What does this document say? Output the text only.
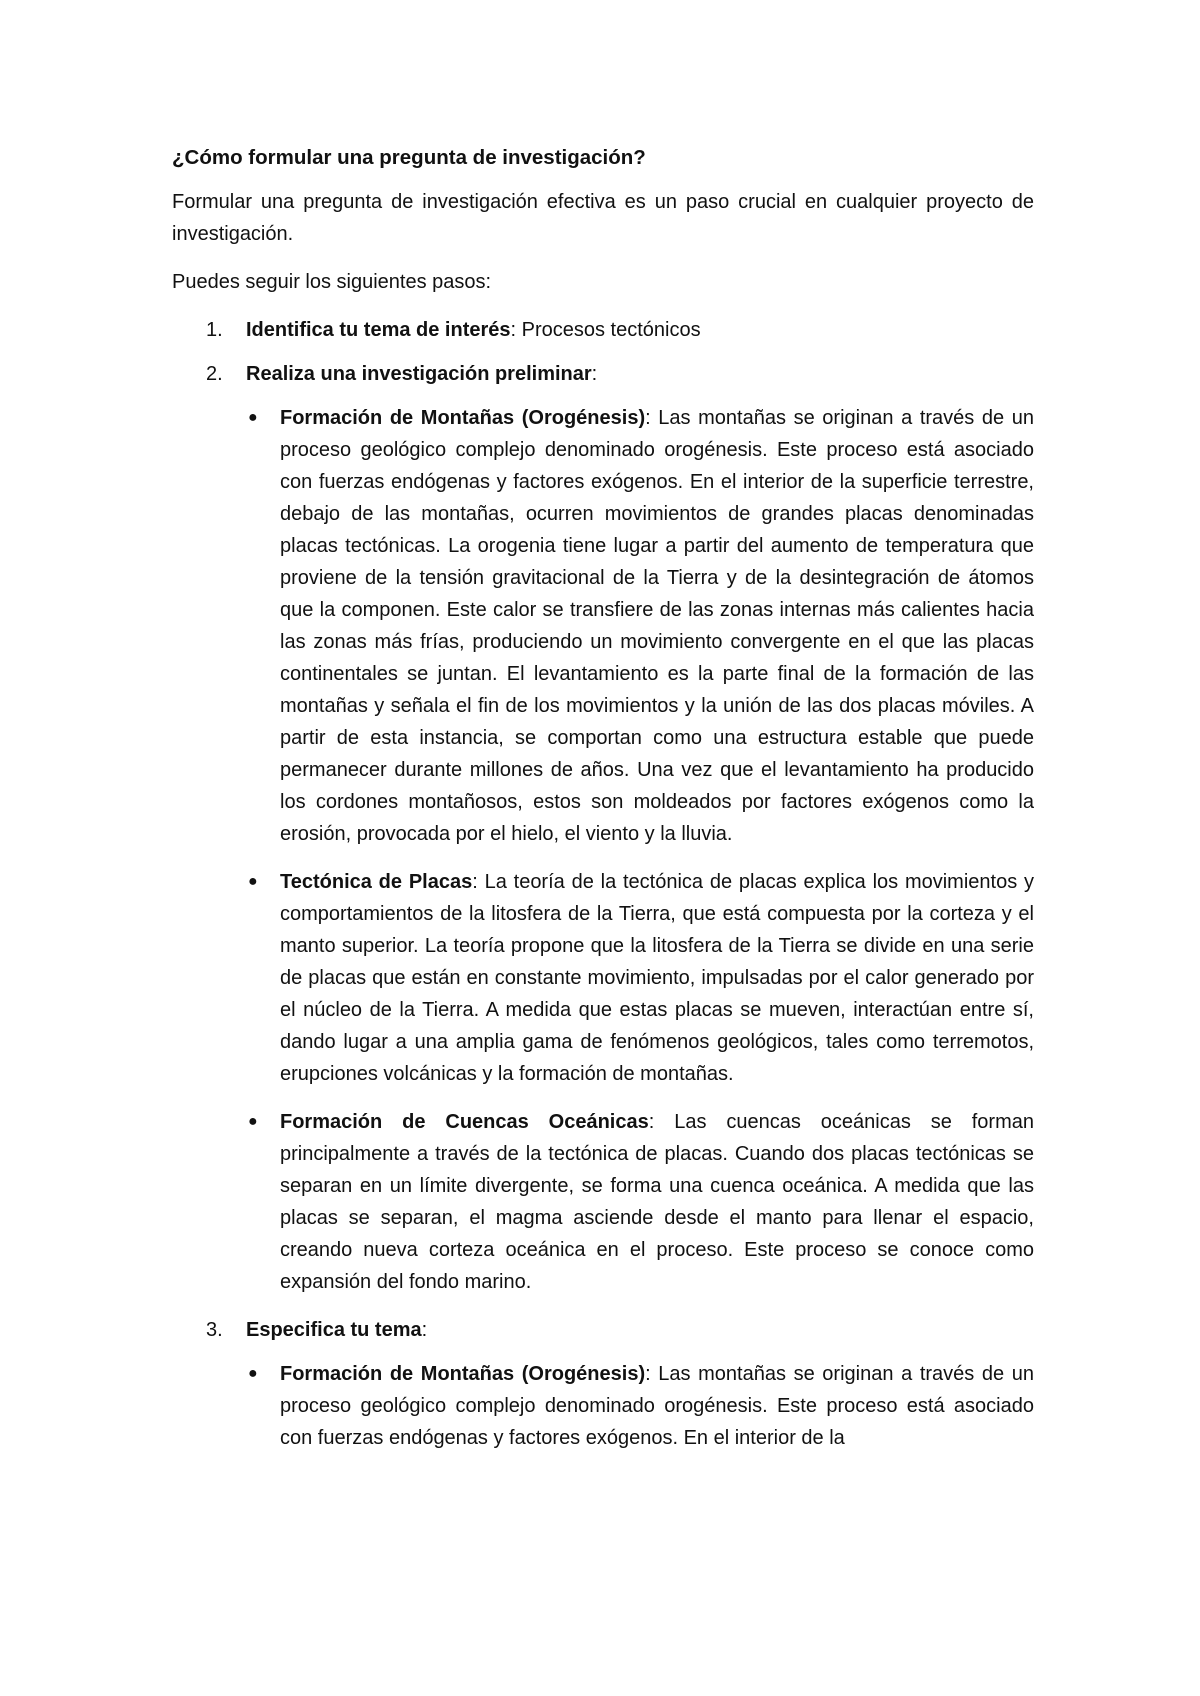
¿Cómo formular una pregunta de investigación?

Formular una pregunta de investigación efectiva es un paso crucial en cualquier proyecto de investigación.

Puedes seguir los siguientes pasos:

1. Identifica tu tema de interés: Procesos tectónicos
2. Realiza una investigación preliminar:
● Formación de Montañas (Orogénesis): Las montañas se originan a través de un proceso geológico complejo denominado orogénesis. Este proceso está asociado con fuerzas endógenas y factores exógenos. En el interior de la superficie terrestre, debajo de las montañas, ocurren movimientos de grandes placas denominadas placas tectónicas. La orogenia tiene lugar a partir del aumento de temperatura que proviene de la tensión gravitacional de la Tierra y de la desintegración de átomos que la componen. Este calor se transfiere de las zonas internas más calientes hacia las zonas más frías, produciendo un movimiento convergente en el que las placas continentales se juntan. El levantamiento es la parte final de la formación de las montañas y señala el fin de los movimientos y la unión de las dos placas móviles. A partir de esta instancia, se comportan como una estructura estable que puede permanecer durante millones de años. Una vez que el levantamiento ha producido los cordones montañosos, estos son moldeados por factores exógenos como la erosión, provocada por el hielo, el viento y la lluvia.
● Tectónica de Placas: La teoría de la tectónica de placas explica los movimientos y comportamientos de la litosfera de la Tierra, que está compuesta por la corteza y el manto superior. La teoría propone que la litosfera de la Tierra se divide en una serie de placas que están en constante movimiento, impulsadas por el calor generado por el núcleo de la Tierra. A medida que estas placas se mueven, interactúan entre sí, dando lugar a una amplia gama de fenómenos geológicos, tales como terremotos, erupciones volcánicas y la formación de montañas.
● Formación de Cuencas Oceánicas: Las cuencas oceánicas se forman principalmente a través de la tectónica de placas. Cuando dos placas tectónicas se separan en un límite divergente, se forma una cuenca oceánica. A medida que las placas se separan, el magma asciende desde el manto para llenar el espacio, creando nueva corteza oceánica en el proceso. Este proceso se conoce como expansión del fondo marino.
3. Especifica tu tema:
● Formación de Montañas (Orogénesis): Las montañas se originan a través de un proceso geológico complejo denominado orogénesis. Este proceso está asociado con fuerzas endógenas y factores exógenos. En el interior de la
